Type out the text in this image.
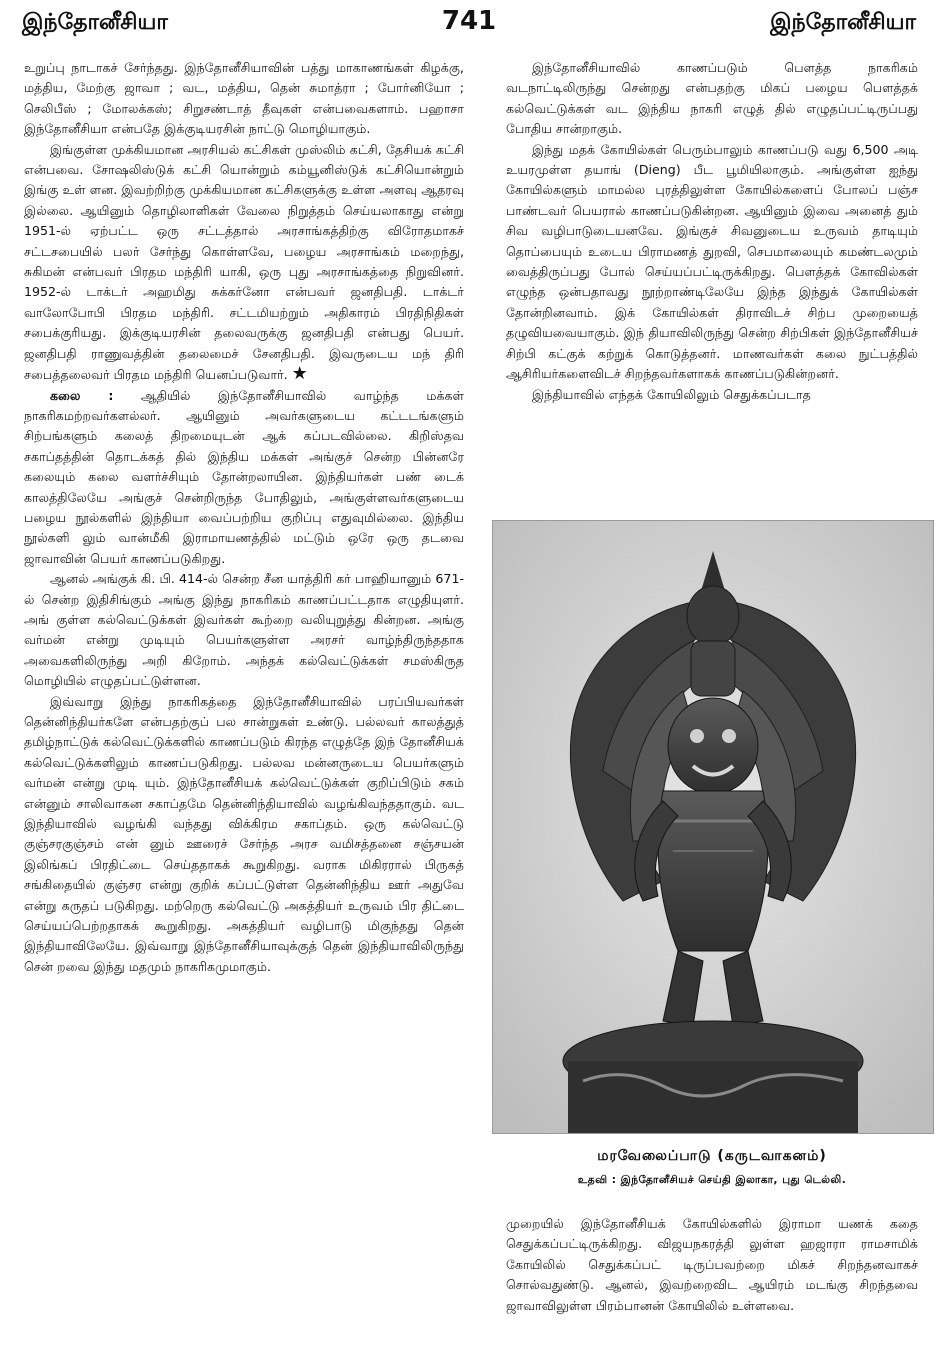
இந்தோனீசியா	741	இந்தோனீசியா

உறுப்பு நாடாகச் சேர்ந்தது. இந்தோனீசியாவின் பத்து மாகாணங்கள் கிழக்கு, மத்திய, மேற்கு ஜாவா ; வட, மத்திய, தென் சுமாத்ரா ; போர்னியோ ; செலிபீஸ் ; மோலக்கஸ்; சிறுசண்டாத் தீவுகள் என்பவைகளாம். பஹாசா இந்தோனீசியா என்பதே இக்குடியரசின் நாட்டு மொழியாகும்.

இங்குள்ள முக்கியமான அரசியல் கட்சிகள் முஸ்லிம் கட்சி, தேசியக் கட்சி என்பவை. சோஷலிஸ்டுக் கட்சி யொன்றும் கம்யூனிஸ்டுக் கட்சியொன்றும் இங்கு உள் ளன. இவற்றிற்கு முக்கியமான கட்சிகளுக்கு உள்ள அளவு ஆதரவு இல்லை. ஆயினும் தொழிலாளிகள் வேலை நிறுத்தம் செய்யலாகாது என்று 1951-ல் ஏற்பட்ட ஒரு சட்டத்தால் அரசாங்கத்திற்கு விரோதமாகச் சட்டசபையில் பலர் சேர்ந்து கொள்ளவே, பழைய அரசாங்கம் மறைந்து, சுகிமன் என்பவர் பிரதம மந்திரி யாகி, ஒரு புது அரசாங்கத்தை நிறுவினர். 1952-ல் டாக்டர் அஹமிது சுக்கர்னோ என்பவர் ஜனதிபதி. டாக்டர் வாலோபோபி பிரதம மந்திரி. சட்டமியற்றும் அதிகாரம் பிரதிநிதிகள் சபைக்குரியது. இக்குடியரசின் தலைவருக்கு ஜனதிபதி என்பது பெயர். ஜனதிபதி ராணுவத்தின் தலைமைச் சேனதிபதி. இவருடைய மந் திரி சபைத்தலைவர் பிரதம மந்திரி யெனப்படுவார். ★

கலை : ஆதியில் இந்தோனீசியாவில் வாழ்ந்த மக்கள் நாகரிகமற்றவர்களல்லர். ஆயினும் அவர்களுடைய கட்டடங்களும் சிற்பங்களும் கலைத் திறமையுடன் ஆக் கப்படவில்லை. கிறிஸ்தவ சகாப்தத்தின் தொடக்கத் தில் இந்திய மக்கள் அங்குச் சென்ற பின்னரே கலையும் கலை வளர்ச்சியும் தோன்றலாயின. இந்தியர்கள் பண் டைக் காலத்திலேயே அங்குச் சென்றிருந்த போதிலும், அங்குள்ளவர்களுடைய பழைய நூல்களில் இந்தியா வைப்பற்றிய குறிப்பு எதுவுமில்லை. இந்திய நூல்களி லும் வான்மீகி இராமாயணத்தில் மட்டும் ஒரே ஒரு தடவை ஜாவாவின் பெயர் காணப்படுகிறது.

ஆனல் அங்குக் கி. பி. 414-ல் சென்ற சீன யாத்திரி கர் பாஹியானும் 671-ல் சென்ற இதிசிங்கும் அங்கு இந்து நாகரிகம் காணப்பட்டதாக எழுதியுளர். அங் குள்ள கல்வெட்டுக்கள் இவர்கள் கூற்றை வலியுறுத்து கின்றன. அங்கு வர்மன் என்று முடியும் பெயர்களுள்ள அரசர் வாழ்ந்திருந்ததாக அவைகளிலிருந்து அறி கிறோம். அந்தக் கல்வெட்டுக்கள் சமஸ்கிருத மொழியில் எழுதப்பட்டுள்ளன.

இவ்வாறு இந்து நாகரிகத்தை இந்தோனீசியாவில் பரப்பியவர்கள் தென்னிந்தியர்களே என்பதற்குப் பல சான்றுகள் உண்டு. பல்லவர் காலத்துத் தமிழ்நாட்டுக் கல்வெட்டுக்களில் காணப்படும் கிரந்த எழுத்தே இந் தோனீசியக் கல்வெட்டுக்களிலும் காணப்படுகிறது. பல்லவ மன்னருடைய பெயர்களும் வர்மன் என்று முடி யும். இந்தோனீசியக் கல்வெட்டுக்கள் குறிப்பிடும் சகம் என்னும் சாலிவாகன சகாப்தமே தென்னிந்தியாவில் வழங்கிவந்ததாகும். வட இந்தியாவில் வழங்கி வந்தது விக்கிரம சகாப்தம். ஒரு கல்வெட்டு குஞ்சரகுஞ்சம் என் னும் ஊரைச் சேர்ந்த அரச வமிசத்தனை சஞ்சயன் இலிங்கப் பிரதிட்டை செய்ததாகக் கூறுகிறது. வராக மிகிரரால் பிருகத் சங்கிதையில் குஞ்சர என்று குறிக் கப்பட்டுள்ள தென்னிந்திய ஊர் அதுவே என்று கருதப் படுகிறது. மற்றெரு கல்வெட்டு அகத்தியர் உருவம் பிர திட்டை செய்யப்பெற்றதாகக் கூறுகிறது. அகத்தியர் வழிபாடு மிகுந்தது தென் இந்தியாவிலேயே. இவ்வாறு இந்தோனீசியாவுக்குத் தென் இந்தியாவிலிருந்து சென் றவை இந்து மதமும் நாகரிகமுமாகும்.

இந்தோனீசியாவில் காணப்படும் பௌத்த நாகரிகம் வடநாட்டிலிருந்து சென்றது என்பதற்கு மிகப் பழைய பௌத்தக் கல்வெட்டுக்கள் வட இந்திய நாகரி எழுத் தில் எழுதப்பட்டிருப்பது போதிய சான்றாகும்.

இந்து மதக் கோயில்கள் பெரும்பாலும் காணப்படு வது 6,500 அடி உயரமுள்ள தயாங் (Dieng) பீட பூமியிலாகும். அங்குள்ள ஐந்து கோயில்களும் மாமல்ல புரத்திலுள்ள கோயில்களைப் போலப் பஞ்ச பாண்டவர் பெயரால் காணப்படுகின்றன. ஆயினும் இவை அனைத் தும் சிவ வழிபாடுடையனவே. இங்குச் சிவனுடைய உருவம் தாடியும் தொப்பையும் உடைய பிராமணத் துறவி, செபமாலையும் கமண்டலமும் வைத்திருப்பது போல் செய்யப்பட்டிருக்கிறது. பௌத்தக் கோவில்கள் எழுந்த ஒன்பதாவது நூற்றாண்டிலேயே இந்த இந்துக் கோயில்கள் தோன்றினவாம். இக் கோயில்கள் திராவிடச் சிற்ப முறையைத் தழுவியவையாகும். இந் தியாவிலிருந்து சென்ற சிற்பிகள் இந்தோனீசியச் சிற்பி கட்குக் கற்றுக் கொடுத்தனர். மாணவர்கள் கலை நுட்பத்தில் ஆசிரியர்களைவிடச் சிறந்தவர்களாகக் காணப்படுகின்றனர்.

இந்தியாவில் எந்தக் கோயிலிலும் செதுக்கப்படாத

மரவேலைப்பாடு (கருடவாகனம்)
உதவி : இந்தோனீசியச் செய்தி இலாகா, புது டெல்லி.

முறையில் இந்தோனீசியக் கோயில்களில் இராமா யணக் கதை செதுக்கப்பட்டிருக்கிறது. விஜயநகரத்தி லுள்ள ஹஜாரா ராமசாமிக் கோயிலில் செதுக்கப்பட் டிருப்பவற்றை மிகச் சிறந்தனவாகச் சொல்வதுண்டு. ஆனல், இவற்றைவிட ஆயிரம் மடங்கு சிறந்தவை ஜாவாவிலுள்ள பிரம்பானன் கோயிலில் உள்ளவை.
